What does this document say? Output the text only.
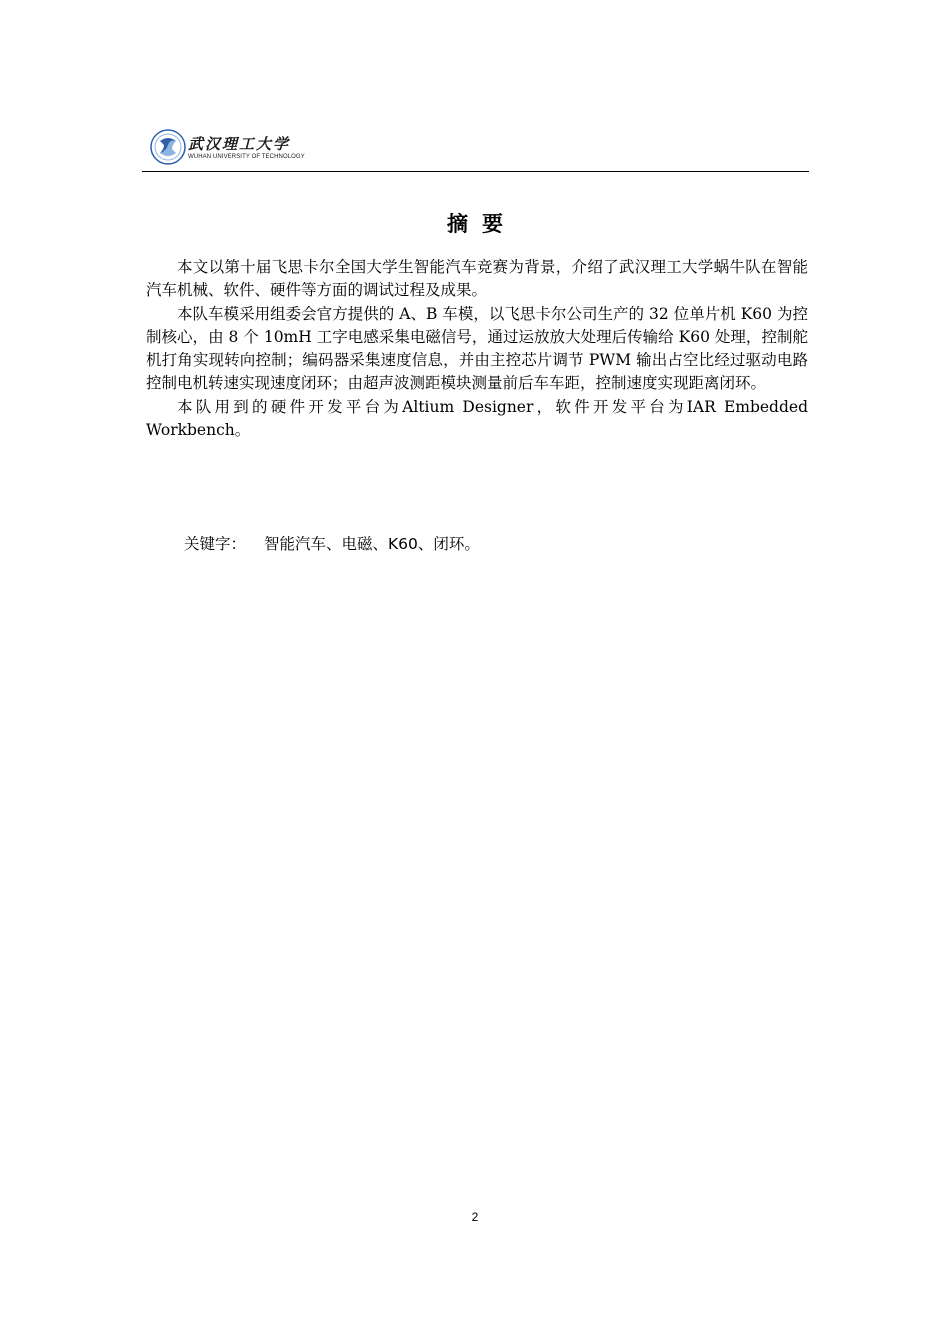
武汉理工大学
WUHAN UNIVERSITY OF TECHNOLOGY
摘要

本文以第十届飞思卡尔全国大学生智能汽车竞赛为背景，介绍了武汉理工大学蜗牛队在智能汽车机械、软件、硬件等方面的调试过程及成果。

本队车模采用组委会官方提供的 A、B 车模，以飞思卡尔公司生产的 32 位单片机 K60 为控制核心，由 8 个 10mH 工字电感采集电磁信号，通过运放放大处理后传输给 K60 处理，控制舵机打角实现转向控制；编码器采集速度信息，并由主控芯片调节 PWM 输出占空比经过驱动电路控制电机转速实现速度闭环；由超声波测距模块测量前后车车距，控制速度实现距离闭环。

本队用到的硬件开发平台为Altium Designer，软件开发平台为IAR Embedded Workbench。

关键字： 智能汽车、电磁、K60、闭环。
2
